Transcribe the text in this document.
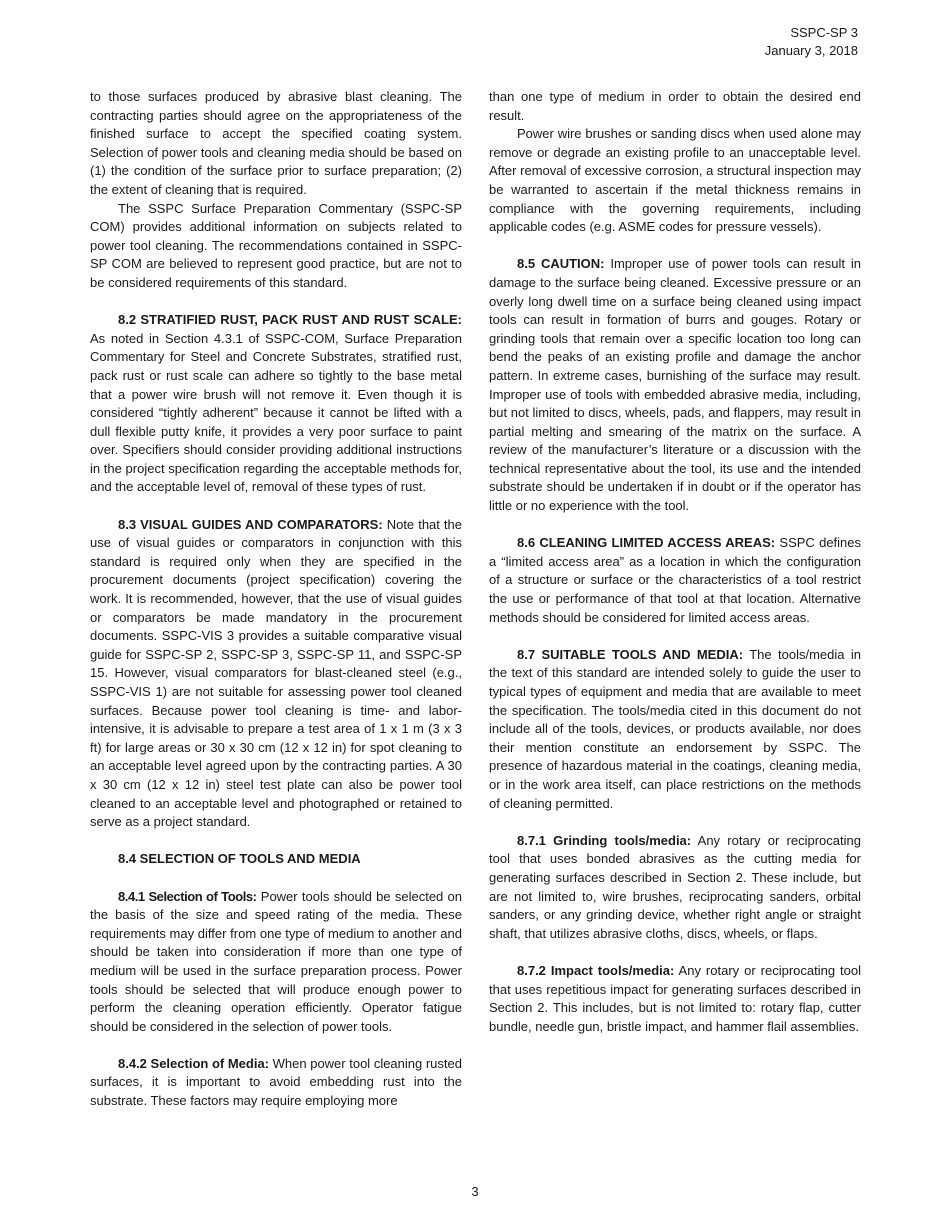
SSPC-SP 3
January 3, 2018

to those surfaces produced by abrasive blast cleaning. The contracting parties should agree on the appropriateness of the finished surface to accept the specified coating system. Selection of power tools and cleaning media should be based on (1) the condition of the surface prior to surface preparation; (2) the extent of cleaning that is required.

The SSPC Surface Preparation Commentary (SSPC-SP COM) provides additional information on subjects related to power tool cleaning. The recommendations contained in SSPC-SP COM are believed to represent good practice, but are not to be considered requirements of this standard.

8.2 STRATIFIED RUST, PACK RUST AND RUST SCALE: As noted in Section 4.3.1 of SSPC-COM, Surface Preparation Commentary for Steel and Concrete Substrates, stratified rust, pack rust or rust scale can adhere so tightly to the base metal that a power wire brush will not remove it. Even though it is considered “tightly adherent” because it cannot be lifted with a dull flexible putty knife, it provides a very poor surface to paint over. Specifiers should consider providing additional instructions in the project specification regarding the acceptable methods for, and the acceptable level of, removal of these types of rust.

8.3 VISUAL GUIDES AND COMPARATORS: Note that the use of visual guides or comparators in conjunction with this standard is required only when they are specified in the procurement documents (project specification) covering the work. It is recommended, however, that the use of visual guides or comparators be made mandatory in the procurement documents. SSPC-VIS 3 provides a suitable comparative visual guide for SSPC-SP 2, SSPC-SP 3, SSPC-SP 11, and SSPC-SP 15. However, visual comparators for blast-cleaned steel (e.g., SSPC-VIS 1) are not suitable for assessing power tool cleaned surfaces. Because power tool cleaning is time- and labor-intensive, it is advisable to prepare a test area of 1 x 1 m (3 x 3 ft) for large areas or 30 x 30 cm (12 x 12 in) for spot cleaning to an acceptable level agreed upon by the contracting parties. A 30 x 30 cm (12 x 12 in) steel test plate can also be power tool cleaned to an acceptable level and photographed or retained to serve as a project standard.

8.4 SELECTION OF TOOLS AND MEDIA

8.4.1 Selection of Tools: Power tools should be selected on the basis of the size and speed rating of the media. These requirements may differ from one type of medium to another and should be taken into consideration if more than one type of medium will be used in the surface preparation process. Power tools should be selected that will produce enough power to perform the cleaning operation efficiently. Operator fatigue should be considered in the selection of power tools.

8.4.2 Selection of Media: When power tool cleaning rusted surfaces, it is important to avoid embedding rust into the substrate. These factors may require employing more

than one type of medium in order to obtain the desired end result.

Power wire brushes or sanding discs when used alone may remove or degrade an existing profile to an unacceptable level. After removal of excessive corrosion, a structural inspection may be warranted to ascertain if the metal thickness remains in compliance with the governing requirements, including applicable codes (e.g. ASME codes for pressure vessels).

8.5 CAUTION: Improper use of power tools can result in damage to the surface being cleaned. Excessive pressure or an overly long dwell time on a surface being cleaned using impact tools can result in formation of burrs and gouges. Rotary or grinding tools that remain over a specific location too long can bend the peaks of an existing profile and damage the anchor pattern. In extreme cases, burnishing of the surface may result. Improper use of tools with embedded abrasive media, including, but not limited to discs, wheels, pads, and flappers, may result in partial melting and smearing of the matrix on the surface. A review of the manufacturer’s literature or a discussion with the technical representative about the tool, its use and the intended substrate should be undertaken if in doubt or if the operator has little or no experience with the tool.

8.6 CLEANING LIMITED ACCESS AREAS: SSPC defines a “limited access area” as a location in which the configuration of a structure or surface or the characteristics of a tool restrict the use or performance of that tool at that location. Alternative methods should be considered for limited access areas.

8.7 SUITABLE TOOLS AND MEDIA: The tools/media in the text of this standard are intended solely to guide the user to typical types of equipment and media that are available to meet the specification. The tools/media cited in this document do not include all of the tools, devices, or products available, nor does their mention constitute an endorsement by SSPC. The presence of hazardous material in the coatings, cleaning media, or in the work area itself, can place restrictions on the methods of cleaning permitted.

8.7.1 Grinding tools/media: Any rotary or reciprocating tool that uses bonded abrasives as the cutting media for generating surfaces described in Section 2. These include, but are not limited to, wire brushes, reciprocating sanders, orbital sanders, or any grinding device, whether right angle or straight shaft, that utilizes abrasive cloths, discs, wheels, or flaps.

8.7.2 Impact tools/media: Any rotary or reciprocating tool that uses repetitious impact for generating surfaces described in Section 2. This includes, but is not limited to: rotary flap, cutter bundle, needle gun, bristle impact, and hammer flail assemblies.

3
